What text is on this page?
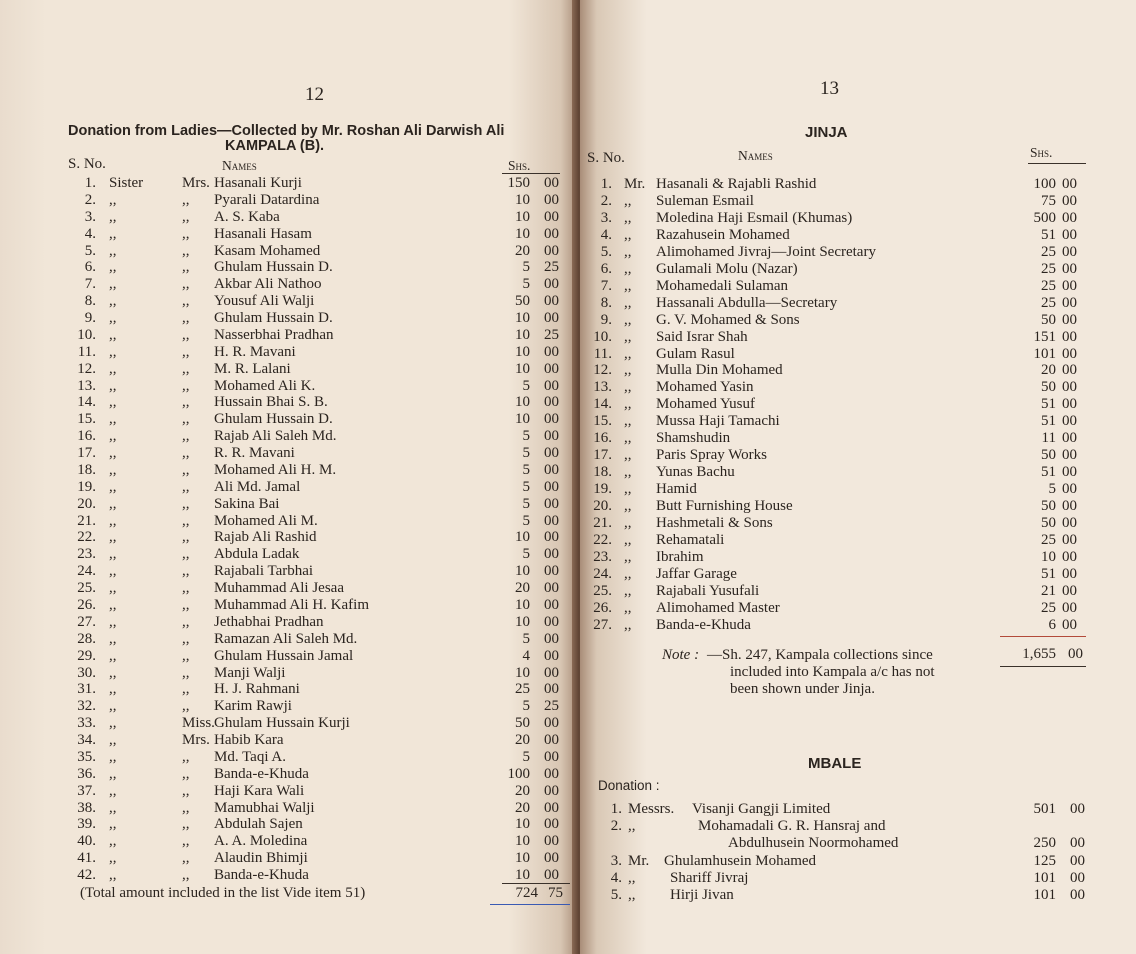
12
Donation from Ladies—Collected by Mr. Roshan Ali Darwish Ali
KAMPALA (B).
S. No.	Names	Shs.
1. Sister	Mrs. Hasanali Kurji	150 00
2. ,,	,, Pyarali Datardina	10 00
3. ,,	,, A. S. Kaba	10 00
4. ,,	,, Hasanali Hasam	10 00
5. ,,	,, Kasam Mohamed	20 00
6. ,,	,, Ghulam Hussain D.	5 25
7. ,,	,, Akbar Ali Nathoo	5 00
8. ,,	,, Yousuf Ali Walji	50 00
9. ,,	,, Ghulam Hussain D.	10 00
10. ,,	,, Nasserbhai Pradhan	10 25
11. ,,	,, H. R. Mavani	10 00
12. ,,	,, M. R. Lalani	10 00
13. ,,	,, Mohamed Ali K.	5 00
14. ,,	,, Hussain Bhai S. B.	10 00
15. ,,	,, Ghulam Hussain D.	10 00
16. ,,	,, Rajab Ali Saleh Md.	5 00
17. ,,	,, R. R. Mavani	5 00
18. ,,	,, Mohamed Ali H. M.	5 00
19. ,,	,, Ali Md. Jamal	5 00
20. ,,	,, Sakina Bai	5 00
21. ,,	,, Mohamed Ali M.	5 00
22. ,,	,, Rajab Ali Rashid	10 00
23. ,,	,, Abdula Ladak	5 00
24. ,,	,, Rajabali Tarbhai	10 00
25. ,,	,, Muhammad Ali Jesaa	20 00
26. ,,	,, Muhammad Ali H. Kafim	10 00
27. ,,	,, Jethabhai Pradhan	10 00
28. ,,	,, Ramazan Ali Saleh Md.	5 00
29. ,,	,, Ghulam Hussain Jamal	4 00
30. ,,	,, Manji Walji	10 00
31. ,,	,, H. J. Rahmani	25 00
32. ,,	,, Karim Rawji	5 25
33. ,,	Miss. Ghulam Hussain Kurji	50 00
34. ,,	Mrs. Habib Kara	20 00
35. ,,	,, Md. Taqi A.	5 00
36. ,,	,, Banda-e-Khuda	100 00
37. ,,	,, Haji Kara Wali	20 00
38. ,,	,, Mamubhai Walji	20 00
39. ,,	,, Abdulah Sajen	10 00
40. ,,	,, A. A. Moledina	10 00
41. ,,	,, Alaudin Bhimji	10 00
42. ,,	,, Banda-e-Khuda	10 00
(Total amount included in the list Vide item 51)	724 75
13
JINJA
S. No.	Names	Shs.
1. Mr. Hasanali & Rajabli Rashid	100 00
2. ,, Suleman Esmail	75 00
3. ,, Moledina Haji Esmail (Khumas)	500 00
4. ,, Razahusein Mohamed	51 00
5. ,, Alimohamed Jivraj—Joint Secretary	25 00
6. ,, Gulamali Molu (Nazar)	25 00
7. ,, Mohamedali Sulaman	25 00
8. ,, Hassanali Abdulla—Secretary	25 00
9. ,, G. V. Mohamed & Sons	50 00
10. ,, Said Israr Shah	151 00
11. ,, Gulam Rasul	101 00
12. ,, Mulla Din Mohamed	20 00
13. ,, Mohamed Yasin	50 00
14. ,, Mohamed Yusuf	51 00
15. ,, Mussa Haji Tamachi	51 00
16. ,, Shamshudin	11 00
17. ,, Paris Spray Works	50 00
18. ,, Yunas Bachu	51 00
19. ,, Hamid	5 00
20. ,, Butt Furnishing House	50 00
21. ,, Hashmetali & Sons	50 00
22. ,, Rehamatali	25 00
23. ,, Ibrahim	10 00
24. ,, Jaffar Garage	51 00
25. ,, Rajabali Yusufali	21 00
26. ,, Alimohamed Master	25 00
27. ,, Banda-e-Khuda	6 00
Note : —Sh. 247, Kampala collections since
included into Kampala a/c has not
been shown under Jinja.
1,655 00
MBALE
Donation :
1. Messrs. Visanji Gangji Limited	501 00
2. ,,	Mohamadali G. R. Hansraj and
Abdulhusein Noormohamed	250 00
3. Mr. Ghulamhusein Mohamed	125 00
4. ,, Shariff Jivraj	101 00
5. ,, Hirji Jivan	101 00
